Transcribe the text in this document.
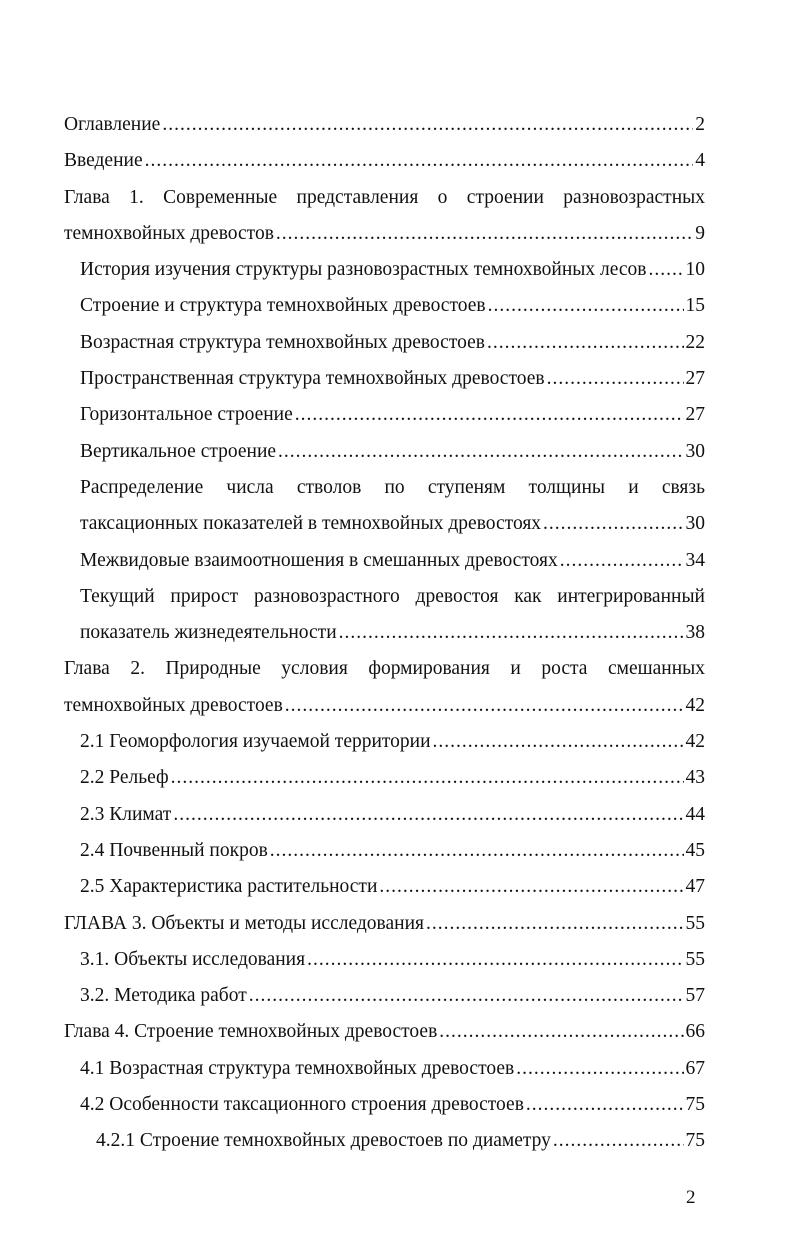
Оглавление .....	2
Введение .....	4
Глава 1. Современные представления о строении разновозрастных
темнохвойных древостов .....	9
История изучения структуры разновозрастных темнохвойных лесов ..... 10
Строение и структура темнохвойных древостоев .....	15
Возрастная структура темнохвойных древостоев .....	22
Пространственная структура темнохвойных древостоев .....	27
Горизонтальное строение .....	27
Вертикальное строение .....	30
Распределение числа стволов по ступеням толщины и связь
таксационных показателей в темнохвойных древостоях .....	30
Межвидовые взаимоотношения в смешанных древостоях .....	34
Текущий прирост разновозрастного древостоя как интегрированный
показатель жизнедеятельности .....	38
Глава 2. Природные условия формирования и роста смешанных
темнохвойных древостоев .....	42
2.1 Геоморфология изучаемой территории .....	42
2.2 Рельеф .....	43
2.3 Климат .....	44
2.4 Почвенный покров .....	45
2.5 Характеристика растительности .....	47
ГЛАВА 3. Объекты и методы исследования .....	55
3.1. Объекты исследования .....	55
3.2. Методика работ .....	57
Глава 4. Строение темнохвойных древостоев .....	66
4.1 Возрастная структура темнохвойных древостоев .....	67
4.2 Особенности таксационного строения древостоев .....	75
4.2.1 Строение темнохвойных древостоев по диаметру .....	75
2
